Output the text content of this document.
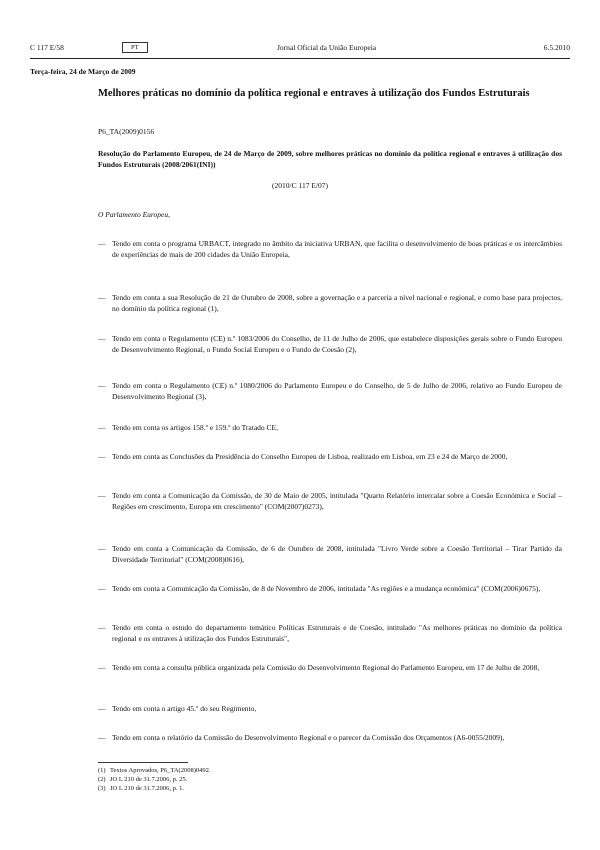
C 117 E/58	PT	Jornal Oficial da União Europeia	6.5.2010
Terça-feira, 24 de Março de 2009
Melhores práticas no domínio da política regional e entraves à utilização dos Fundos Estruturais
P6_TA(2009)0156
Resolução do Parlamento Europeu, de 24 de Março de 2009, sobre melhores práticas no domínio da política regional e entraves à utilização dos Fundos Estruturais (2008/2061(INI))
(2010/C 117 E/07)
O Parlamento Europeu,
— Tendo em conta o programa URBACT, integrado no âmbito da iniciativa URBAN, que facilita o desenvolvimento de boas práticas e os intercâmbios de experiências de mais de 200 cidades da União Europeia,
— Tendo em conta a sua Resolução de 21 de Outubro de 2008, sobre a governação e a parceria a nível nacional e regional, e como base para projectos, no domínio da política regional (1),
— Tendo em conta o Regulamento (CE) n.º 1083/2006 do Conselho, de 11 de Julho de 2006, que estabelece disposições gerais sobre o Fundo Europeu de Desenvolvimento Regional, o Fundo Social Europeu e o Fundo de Coesão (2),
— Tendo em conta o Regulamento (CE) n.º 1080/2006 do Parlamento Europeu e do Conselho, de 5 de Julho de 2006, relativo ao Fundo Europeu de Desenvolvimento Regional (3),
— Tendo em conta os artigos 158.º e 159.º do Tratado CE,
— Tendo em conta as Conclusões da Presidência do Conselho Europeu de Lisboa, realizado em Lisboa, em 23 e 24 de Março de 2000,
— Tendo em conta a Comunicação da Comissão, de 30 de Maio de 2005, intitulada "Quarto Relatório intercalar sobre a Coesão Económica e Social – Regiões em crescimento, Europa em crescimento" (COM(2007)0273),
— Tendo em conta a Comunicação da Comissão, de 6 de Outubro de 2008, intitulada "Livro Verde sobre a Coesão Territorial – Tirar Partido da Diversidade Territorial" (COM(2008)0616),
— Tendo em conta a Comunicação da Comissão, de 8 de Novembro de 2006, intitulada "As regiões e a mudança económica" (COM(2006)0675),
— Tendo em conta o estudo do departamento temático Políticas Estruturais e de Coesão, intitulado "As melhores práticas no domínio da política regional e os entraves à utilização dos Fundos Estruturais",
— Tendo em conta a consulta pública organizada pela Comissão do Desenvolvimento Regional do Parlamento Europeu, em 17 de Julho de 2008,
— Tendo em conta o artigo 45.º do seu Regimento,
— Tendo em conta o relatório da Comissão do Desenvolvimento Regional e o parecer da Comissão dos Orçamentos (A6-0055/2009),
(1) Textos Aprovados, P6_TA(2008)0492.
(2) JO L 210 de 31.7.2006, p. 25.
(3) JO L 210 de 31.7.2006, p. 1.
